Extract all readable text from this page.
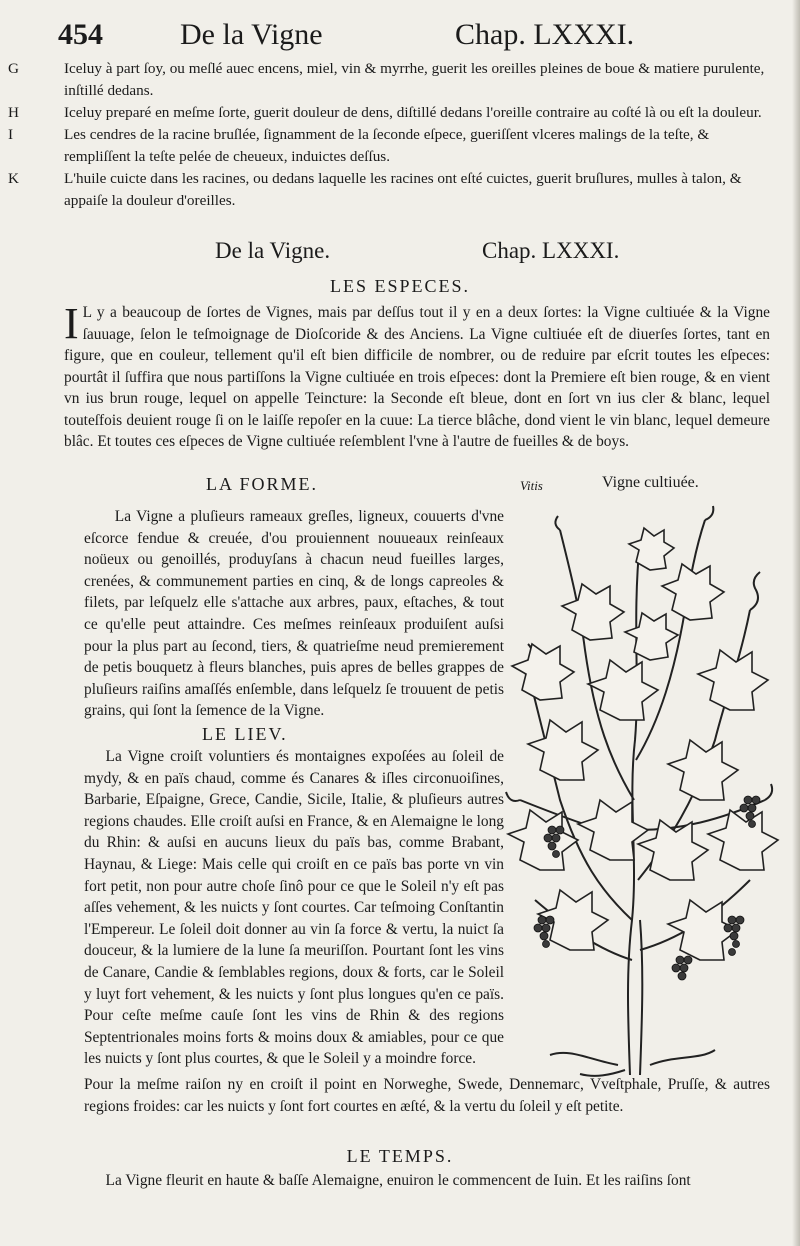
454	De la Vigne	Chap. LXXXI.
G	Iceluy à part ſoy, ou meſlé auec encens, miel, vin & myrrhe, guerit les oreilles pleines de boue & matiere purulente, inſtillé dedans.
H	Iceluy preparé en meſme ſorte, guerit douleur de dens, diſtillé dedans l'oreille contraire au coſté là ou eſt la douleur.
I	Les cendres de la racine bruſlée, ſignamment de la ſeconde eſpece, gueriſſent vlceres malings de la teſte, & rempliſſent la teſte pelée de cheueux, induictes deſſus.
K	L'huile cuicte dans les racines, ou dedans laquelle les racines ont eſté cuictes, guerit bruſlures, mulles à talon, & appaiſe la douleur d'oreilles.
De la Vigne.	Chap. LXXXI.
LES ESPECES.
I L y a beaucoup de ſortes de Vignes, mais par deſſus tout il y en a deux ſortes: la Vigne cultiuée & la Vigne ſauuage, ſelon le teſmoignage de Dioſcoride & des Anciens. La Vigne cultiuée eſt de diuerſes ſortes, tant en figure, que en couleur, tellement qu'il eſt bien difficile de nombrer, ou de reduire par eſcrit toutes les eſpeces: pourtât il ſuffira que nous partiſſons la Vigne cultiuée en trois eſpeces: dont la Premiere eſt bien rouge, & en vient vn ius brun rouge, lequel on appelle Teincture: la Seconde eſt bleue, dont en ſort vn ius cler & blanc, lequel touteſfois deuient rouge ſi on le laiſſe repoſer en la cuue: La tierce blâche, dond vient le vin blanc, lequel demeure blâc. Et toutes ces eſpeces de Vigne cultiuée reſemblent l'vne à l'autre de fueilles & de boys.
LA FORME.	Vitis	Vigne cultiuée.
La Vigne a pluſieurs rameaux greſles, ligneux, couuerts d'vne eſcorce fendue & creuée, d'ou prouiennent nouueaux reinſeaux noüeux ou genoillés, produyſans à chacun neud fueilles larges, crenées, & communement parties en cinq, & de longs capreoles & filets, par leſquelz elle s'attache aux arbres, paux, eſtaches, & tout ce qu'elle peut attaindre. Ces meſmes reinſeaux produiſent auſsi pour la plus part au ſecond, tiers, & quatrieſme neud premierement de petis bouquetz à fleurs blanches, puis apres de belles grappes de pluſieurs raiſins amaſſés enſemble, dans leſquelz ſe trouuent de petis grains, qui ſont la ſemence de la Vigne.
LE LIEV.
La Vigne croiſt voluntiers és montaignes expoſées au ſoleil de mydy, & en païs chaud, comme és Canares & iſles circonuoiſines, Barbarie, Eſpaigne, Grece, Candie, Sicile, Italie, & pluſieurs autres regions chaudes. Elle croiſt auſsi en France, & en Alemaigne le long du Rhin: & auſsi en aucuns lieux du païs bas, comme Brabant, Haynau, & Liege: Mais celle qui croiſt en ce païs bas porte vn vin fort petit, non pour autre choſe ſinô pour ce que le Soleil n'y eſt pas aſſes vehement, & les nuicts y ſont courtes. Car teſmoing Conſtantin l'Empereur. Le ſoleil doit donner au vin ſa force & vertu, la nuict ſa douceur, & la lumiere de la lune ſa meuriſſon. Pourtant ſont les vins de Canare, Candie & ſemblables regions, doux & forts, car le Soleil y luyt fort vehement, & les nuicts y ſont plus longues qu'en ce païs. Pour ceſte meſme cauſe ſont les vins de Rhin & des regions Septentrionales moins forts & moins doux & amiables, pour ce que les nuicts y ſont plus courtes, & que le Soleil y a moindre force.
Pour la meſme raiſon ny en croiſt il point en Norweghe, Swede, Dennemarc, Vveſtphale, Pruſſe, & autres regions froides: car les nuicts y ſont fort courtes en æſté, & la vertu du ſoleil y eſt petite.
LE TEMPS.
La Vigne fleurit en haute & baſſe Alemaigne, enuiron le commencent de Iuin. Et les raiſins ſont
